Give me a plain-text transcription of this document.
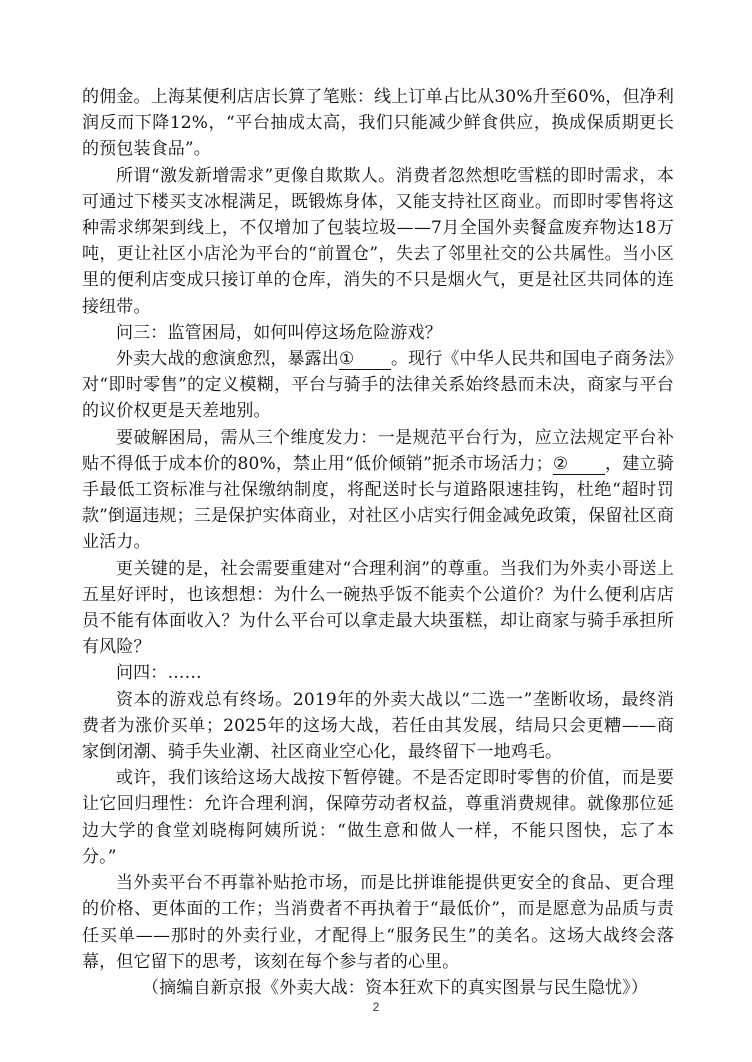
的佣金。上海某便利店店长算了笔账：线上订单占比从30%升至60%，但净利润反而下降12%，“平台抽成太高，我们只能减少鲜食供应，换成保质期更长的预包装食品”。

所谓“激发新增需求”更像自欺欺人。消费者忽然想吃雪糕的即时需求，本可通过下楼买支冰棍满足，既锻炼身体，又能支持社区商业。而即时零售将这种需求绑架到线上，不仅增加了包装垃圾——7月全国外卖餐盒废弃物达18万吨，更让社区小店沦为平台的“前置仓”，失去了邻里社交的公共属性。当小区里的便利店变成只接订单的仓库，消失的不只是烟火气，更是社区共同体的连接纽带。

问三：监管困局，如何叫停这场危险游戏？

外卖大战的愈演愈烈，暴露出① 。现行《中华人民共和国电子商务法》对“即时零售”的定义模糊，平台与骑手的法律关系始终悬而未决，商家与平台的议价权更是天差地别。

要破解困局，需从三个维度发力：一是规范平台行为，应立法规定平台补贴不得低于成本价的80%，禁止用“低价倾销”扼杀市场活力；② ，建立骑手最低工资标准与社保缴纳制度，将配送时长与道路限速挂钩，杜绝“超时罚款”倒逼违规；三是保护实体商业，对社区小店实行佣金减免政策，保留社区商业活力。

更关键的是，社会需要重建对“合理利润”的尊重。当我们为外卖小哥送上五星好评时，也该想想：为什么一碗热乎饭不能卖个公道价？为什么便利店店员不能有体面收入？为什么平台可以拿走最大块蛋糕，却让商家与骑手承担所有风险？

问四：……

资本的游戏总有终场。2019年的外卖大战以“二选一”垄断收场，最终消费者为涨价买单；2025年的这场大战，若任由其发展，结局只会更糟——商家倒闭潮、骑手失业潮、社区商业空心化，最终留下一地鸡毛。

或许，我们该给这场大战按下暂停键。不是否定即时零售的价值，而是要让它回归理性：允许合理利润，保障劳动者权益，尊重消费规律。就像那位延边大学的食堂刘晓梅阿姨所说：“做生意和做人一样，不能只图快，忘了本分。”

当外卖平台不再靠补贴抢市场，而是比拼谁能提供更安全的食品、更合理的价格、更体面的工作；当消费者不再执着于“最低价”，而是愿意为品质与责任买单——那时的外卖行业，才配得上“服务民生”的美名。这场大战终会落幕，但它留下的思考，该刻在每个参与者的心里。

（摘编自新京报《外卖大战：资本狂欢下的真实图景与民生隐忧》）

2
